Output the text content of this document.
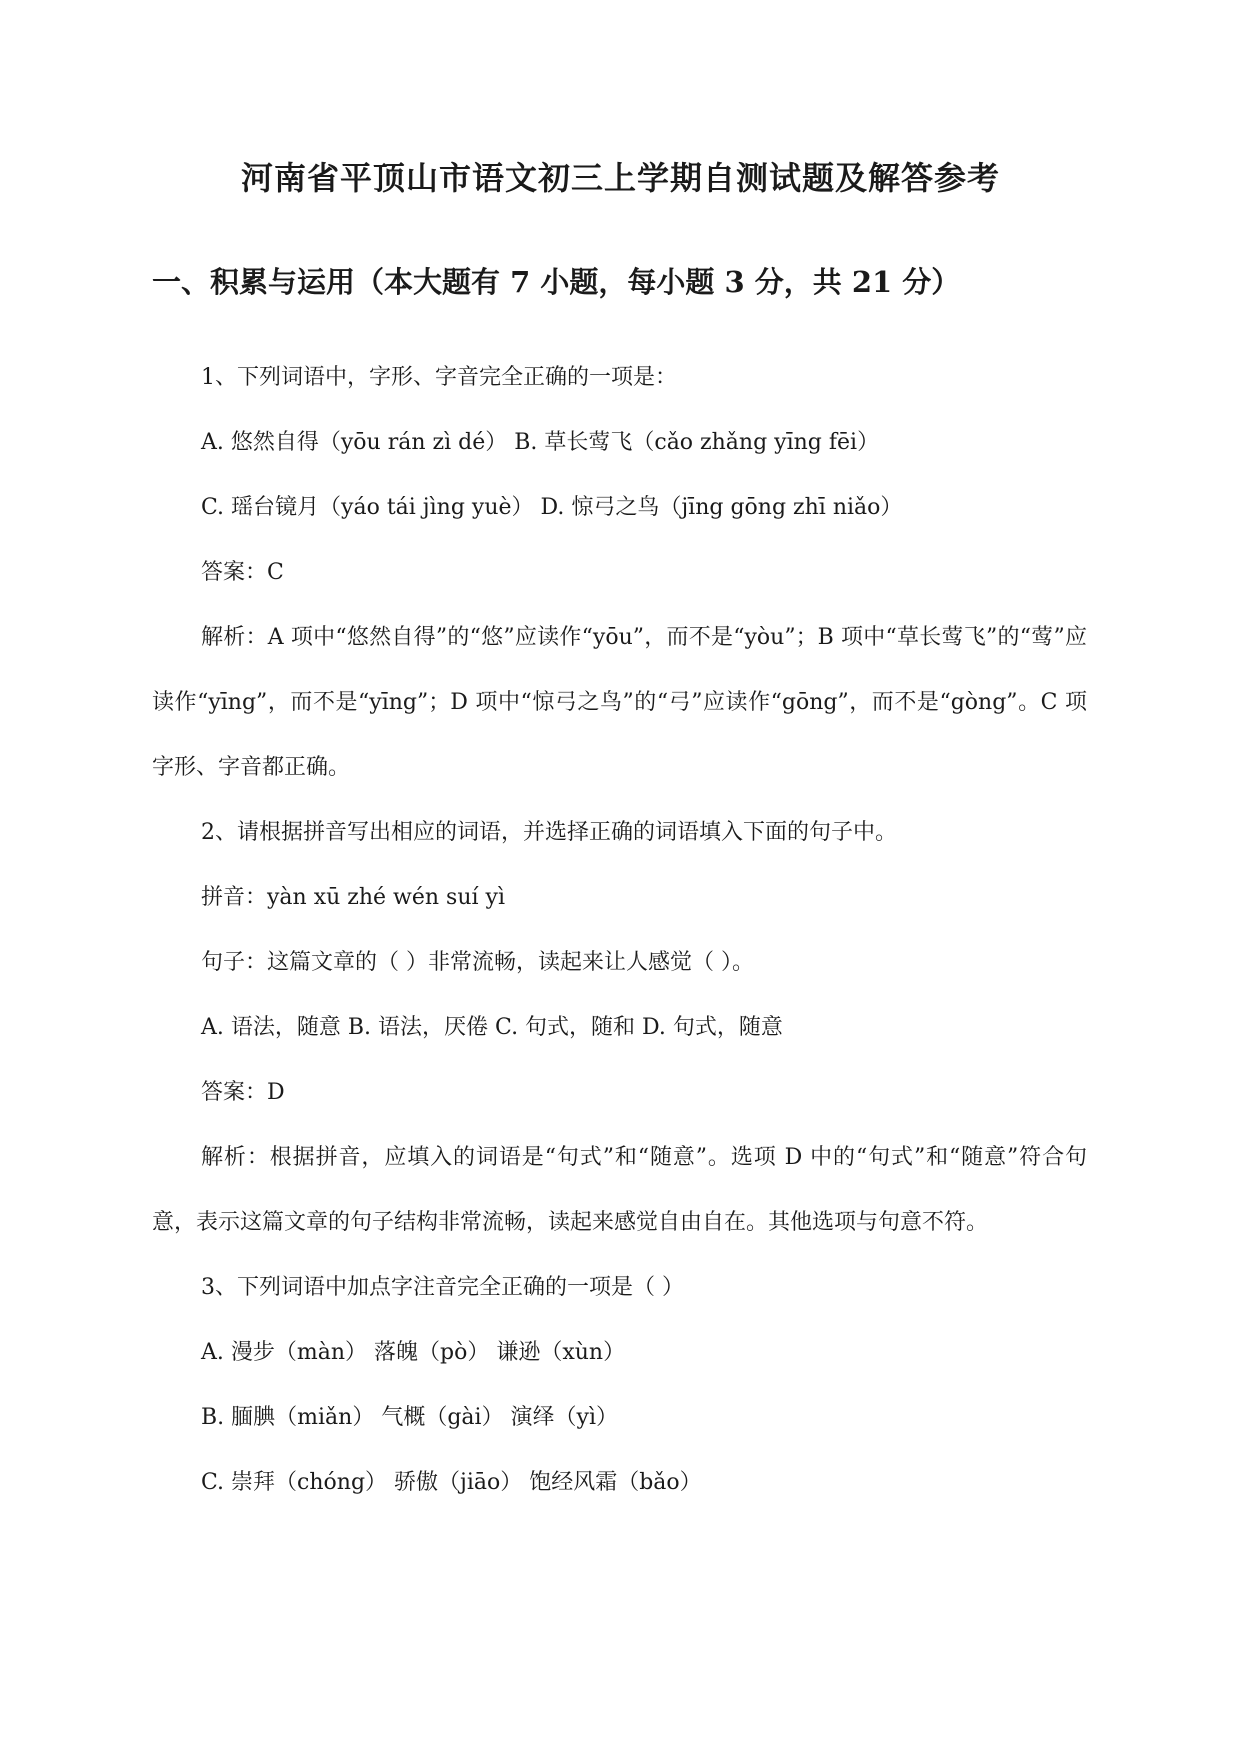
河南省平顶山市语文初三上学期自测试题及解答参考
一、积累与运用（本大题有 7 小题，每小题 3 分，共 21 分）

1、下列词语中，字形、字音完全正确的一项是：

A. 悠然自得（yōu rán zì dé） B. 草长莺飞（cǎo zhǎng yīng fēi）

C. 瑶台镜月（yáo tái jìng yuè） D. 惊弓之鸟（jīng gōng zhī niǎo）

答案：C

解析：A 项中“悠然自得”的“悠”应读作“yōu”，而不是“yòu”；B 项中“草长莺飞”的“莺”应读作“yīng”，而不是“yīng”；D 项中“惊弓之鸟”的“弓”应读作“gōng”，而不是“gòng”。C 项字形、字音都正确。

2、请根据拼音写出相应的词语，并选择正确的词语填入下面的句子中。

拼音：yàn xū zhé wén suí yì

句子：这篇文章的（ ）非常流畅，读起来让人感觉（ ）。

A. 语法，随意 B. 语法，厌倦 C. 句式，随和 D. 句式，随意

答案：D

解析：根据拼音，应填入的词语是“句式”和“随意”。选项 D 中的“句式”和“随意”符合句意，表示这篇文章的句子结构非常流畅，读起来感觉自由自在。其他选项与句意不符。

3、下列词语中加点字注音完全正确的一项是（ ）

A. 漫步（màn） 落魄（pò） 谦逊（xùn）

B. 腼腆（miǎn） 气概（gài） 演绎（yì）

C. 崇拜（chóng） 骄傲（jiāo） 饱经风霜（bǎo）
